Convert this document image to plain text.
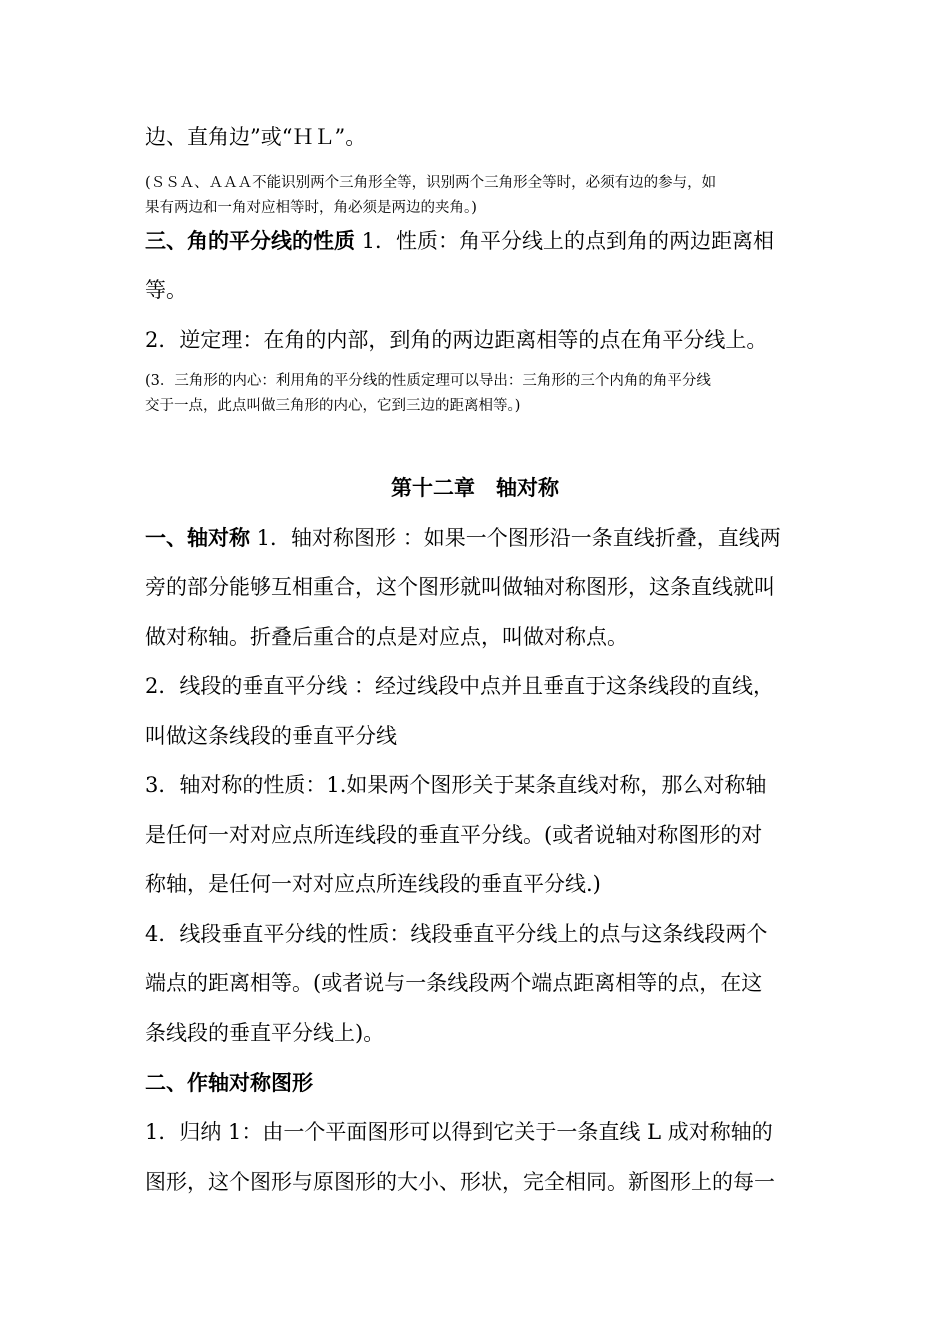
边、直角边”或“ＨＬ”。
(ＳＳＡ、ＡＡＡ不能识别两个三角形全等，识别两个三角形全等时，必须有边的参与，如
果有两边和一角对应相等时，角必须是两边的夹角。)
三、角的平分线的性质 1．性质：角平分线上的点到角的两边距离相
等。
2．逆定理：在角的内部，到角的两边距离相等的点在角平分线上。
(3．三角形的内心：利用角的平分线的性质定理可以导出：三角形的三个内角的角平分线
交于一点，此点叫做三角形的内心，它到三边的距离相等。)
第十二章　轴对称
一、轴对称 1．轴对称图形 ：如果一个图形沿一条直线折叠，直线两
旁的部分能够互相重合，这个图形就叫做轴对称图形，这条直线就叫
做对称轴。折叠后重合的点是对应点，叫做对称点。
2．线段的垂直平分线 ：经过线段中点并且垂直于这条线段的直线，
叫做这条线段的垂直平分线
3．轴对称的性质：1.如果两个图形关于某条直线对称，那么对称轴
是任何一对对应点所连线段的垂直平分线。(或者说轴对称图形的对
称轴，是任何一对对应点所连线段的垂直平分线.)
4．线段垂直平分线的性质：线段垂直平分线上的点与这条线段两个
端点的距离相等。(或者说与一条线段两个端点距离相等的点，在这
条线段的垂直平分线上)。
二、作轴对称图形
1．归纳 1：由一个平面图形可以得到它关于一条直线 L 成对称轴的
图形，这个图形与原图形的大小、形状，完全相同。新图形上的每一
